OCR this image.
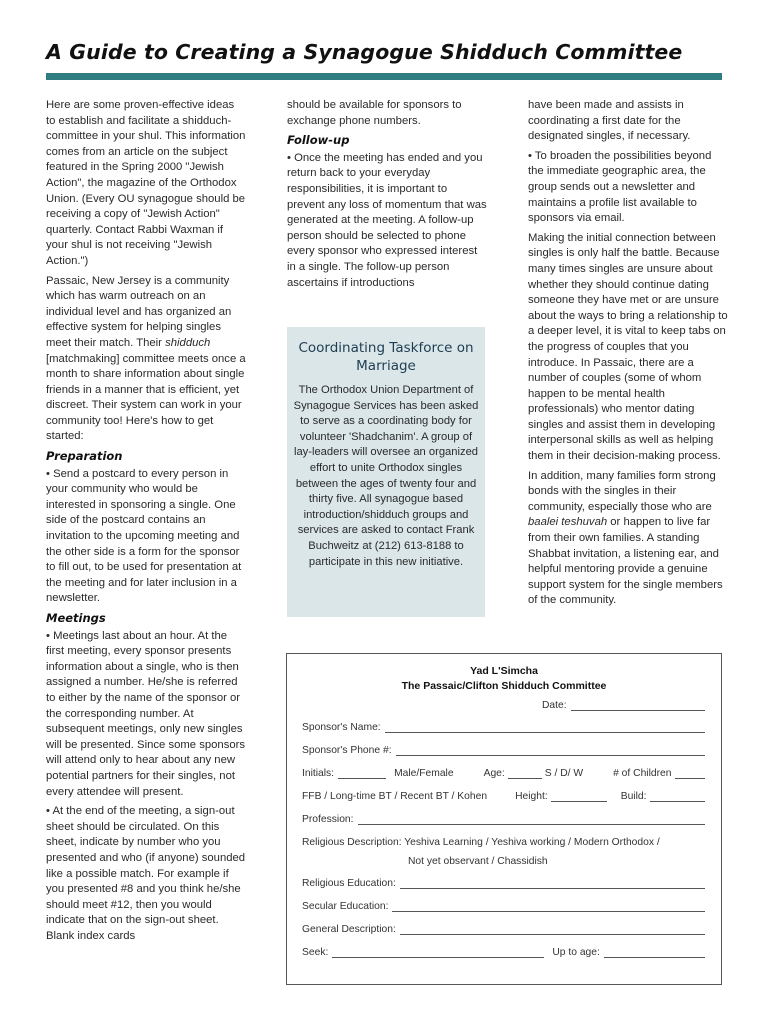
A Guide to Creating a Synagogue Shidduch Committee

Here are some proven-effective ideas to establish and facilitate a shidduch-committee in your shul. This information comes from an article on the subject featured in the Spring 2000 "Jewish Action", the magazine of the Orthodox Union. (Every OU synagogue should be receiving a copy of "Jewish Action" quarterly. Contact Rabbi Waxman if your shul is not receiving "Jewish Action.")

Passaic, New Jersey is a community which has warm outreach on an individual level and has organized an effective system for helping singles meet their match. Their shidduch [matchmaking] committee meets once a month to share information about single friends in a manner that is efficient, yet discreet. Their system can work in your community too! Here's how to get started:

Preparation

• Send a postcard to every person in your community who would be interested in sponsoring a single. One side of the postcard contains an invitation to the upcoming meeting and the other side is a form for the sponsor to fill out, to be used for presentation at the meeting and for later inclusion in a newsletter.

Meetings

• Meetings last about an hour. At the first meeting, every sponsor presents information about a single, who is then assigned a number. He/she is referred to either by the name of the sponsor or the corresponding number. At subsequent meetings, only new singles will be presented. Since some sponsors will attend only to hear about any new potential partners for their singles, not every attendee will present.

• At the end of the meeting, a sign-out sheet should be circulated. On this sheet, indicate by number who you presented and who (if anyone) sounded like a possible match. For example if you presented #8 and you think he/she should meet #12, then you would indicate that on the sign-out sheet. Blank index cards

should be available for sponsors to exchange phone numbers.

Follow-up

• Once the meeting has ended and you return back to your everyday responsibilities, it is important to prevent any loss of momentum that was generated at the meeting. A follow-up person should be selected to phone every sponsor who expressed interest in a single. The follow-up person ascertains if introductions

Coordinating Taskforce on Marriage
The Orthodox Union Department of Synagogue Services has been asked to serve as a coordinating body for volunteer 'Shadchanim'. A group of lay-leaders will oversee an organized effort to unite Orthodox singles between the ages of twenty four and thirty five. All synagogue based introduction/shidduch groups and services are asked to contact Frank Buchweitz at (212) 613-8188 to participate in this new initiative.

have been made and assists in coordinating a first date for the designated singles, if necessary.

• To broaden the possibilities beyond the immediate geographic area, the group sends out a newsletter and maintains a profile list available to sponsors via email.

Making the initial connection between singles is only half the battle. Because many times singles are unsure about whether they should continue dating someone they have met or are unsure about the ways to bring a relationship to a deeper level, it is vital to keep tabs on the progress of couples that you introduce. In Passaic, there are a number of couples (some of whom happen to be mental health professionals) who mentor dating singles and assist them in developing interpersonal skills as well as helping them in their decision-making process.

In addition, many families form strong bonds with the singles in their community, especially those who are baalei teshuvah or happen to live far from their own families. A standing Shabbat invitation, a listening ear, and helpful mentoring provide a genuine support system for the single members of the community.

Yad L'Simcha
The Passaic/Clifton Shidduch Committee
Date:
Sponsor's Name:
Sponsor's Phone #:
Initials:	Male/Female	Age:	S / D/ W	# of Children
FFB / Long-time BT / Recent BT / Kohen	Height:	Build:
Profession:
Religious Description: Yeshiva Learning / Yeshiva working / Modern Orthodox /
Not yet observant / Chassidish
Religious Education:
Secular Education:
General Description:
Seek:	Up to age:
